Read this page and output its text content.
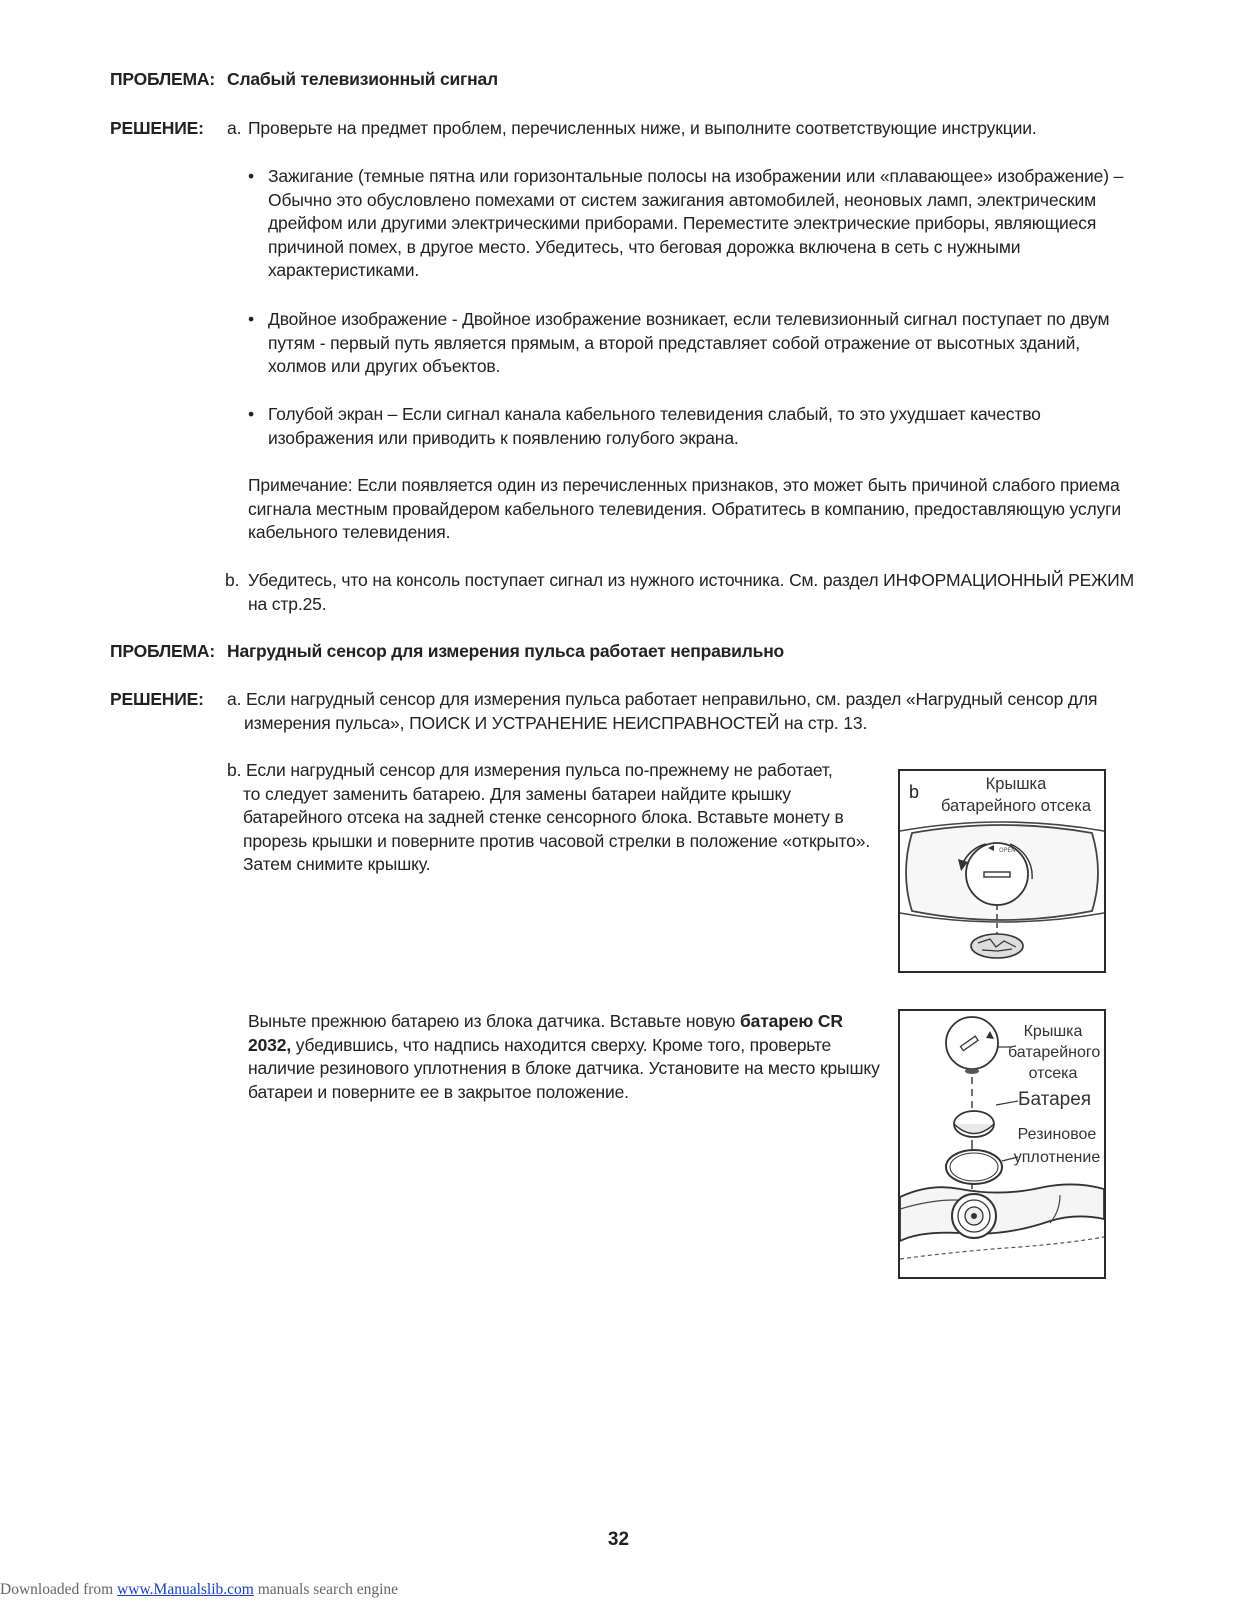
ПРОБЛЕМА: Слабый телевизионный сигнал
РЕШЕНИЕ: a. Проверьте на предмет проблем, перечисленных ниже, и выполните соответствующие инструкции.
• Зажигание (темные пятна или горизонтальные полосы на изображении или «плавающее» изображение) –
Обычно это обусловлено помехами от систем зажигания автомобилей, неоновых ламп, электрическим
дрейфом или другими электрическими приборами. Переместите электрические приборы, являющиеся
причиной помех, в другое место. Убедитесь, что беговая дорожка включена в сеть с нужными
характеристиками.
• Двойное изображение - Двойное изображение возникает, если телевизионный сигнал поступает по двум
путям - первый путь является прямым, а второй представляет собой отражение от высотных зданий,
холмов или других объектов.
• Голубой экран – Если сигнал канала кабельного телевидения слабый, то это ухудшает качество
изображения или приводить к появлению голубого экрана.
Примечание: Если появляется один из перечисленных признаков, это может быть причиной слабого приема
сигнала местным провайдером кабельного телевидения. Обратитесь в компанию, предоставляющую услуги
кабельного телевидения.
b. Убедитесь, что на консоль поступает сигнал из нужного источника. См. раздел ИНФОРМАЦИОННЫЙ РЕЖИМ
на стр.25.
ПРОБЛЕМА: Нагрудный сенсор для измерения пульса работает неправильно
РЕШЕНИЕ: a. Если нагрудный сенсор для измерения пульса работает неправильно, см. раздел «Нагрудный сенсор для
измерения пульса», ПОИСК И УСТРАНЕНИЕ НЕИСПРАВНОСТЕЙ на стр. 13.
b. Если нагрудный сенсор для измерения пульса по-прежнему не работает,
то следует заменить батарею. Для замены батареи найдите крышку
батарейного отсека на задней стенке сенсорного блока. Вставьте монету в
прорезь крышки и поверните против часовой стрелки в положение «открыто».
Затем снимите крышку.
Выньте прежнюю батарею из блока датчика. Вставьте новую батарею CR
2032, убедившись, что надпись находится сверху. Кроме того, проверьте
наличие резинового уплотнения в блоке датчика. Установите на место крышку
батареи и поверните ее в закрытое положение.
b	Крышка
батарейного отсека
OPEN
Крышка
батарейного
отсека
Батарея
Резиновое
уплотнение
32
Downloaded from www.Manualslib.com manuals search engine
